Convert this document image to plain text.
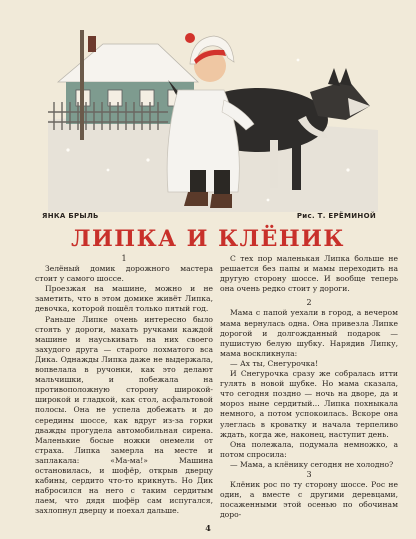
ЯНКА БРЫЛЬ	Рис. Т. ЕРЁМИНОЙ
ЛИПКА И КЛЁНИК

1

Зелёный домик дорожного мастера стоит у самого шоссе.

Проезжая на машине, можно и не заметить, что в этом домике живёт Липка, девочка, которой пошёл только пятый год.

Раньше Липке очень интересно было стоять у дороги, махать ручками каждой машине и науськивать на них своего захудого друга — старого лохматого вса Дика. Однажды Липка даже не выдержала, вопвелала в ручонки, как это делают мальчишки, и побежала на противоположную сторону широкой-широкой и гладкой, как стол, асфальтовой полосы. Она не успела добежать и до середины шоссе, как вдруг из-за горки дважды прогудела автомобильная сирена. Маленькие босые ножки онемели от страха. Липка замерла на месте и заплакала: «Ма-ма!» Машина остановилась, и шофёр, открыв дверцу кабины, сердито что-то крикнуть. Но Дик набросился на него с таким сердитым лаем, что дядя шофёр сам испугался, захлопнул дверцу и поехал дальше.

С тех пор маленькая Липка больше не решается без папы и мамы переходить на другую сторону шоссе. И вообще теперь она очень редко стоит у дороги.

2

Мама с папой уехали в город, а вечером мама вернулась одна. Она привезла Липке дорогой и долгожданный подарок — пушистую белую шубку. Нарядив Липку, мама воскликнула:

— Ах ты, Снегурочка!

И Снегурочка сразу же собралась итти гулять в новой шубке. Но мама сказала, что сегодня поздно — ночь на дворе, да и мороз ныне сердитый... Липка похныкала немного, а потом успокоилась. Вскоре она улеглась в кроватку и начала терпеливо ждать, когда же, наконец, наступит день.

Она полежала, подумала немножко, а потом спросила:

— Мама, а клёнику сегодня не холодно?

3

Клёник рос по ту сторону шоссе. Рос не один, а вместе с другими деревцами, посаженными этой осенью по обочинам доро-

4
